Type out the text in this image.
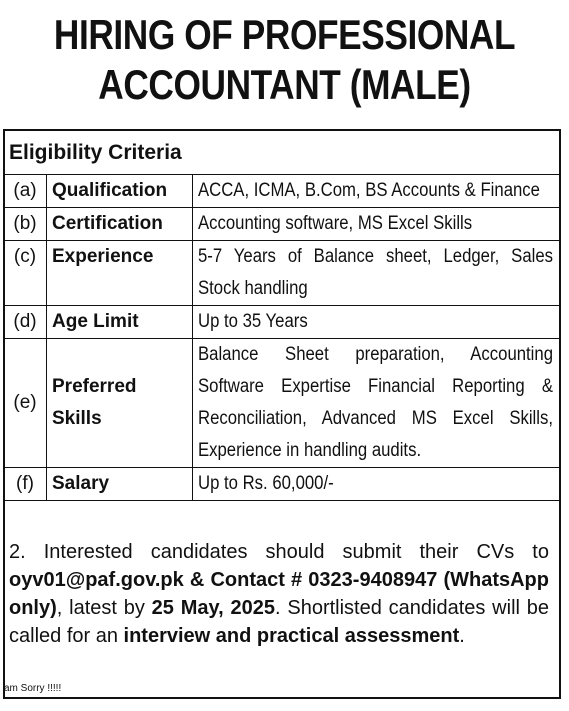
HIRING OF PROFESSIONAL
ACCOUNTANT (MALE)
Eligibility Criteria
(a)	Qualification	ACCA, ICMA, B.Com, BS Accounts & Finance

(b)	Certification	Accounting software, MS Excel Skills

(c)	Experience	5-7 Years of Balance sheet, Ledger, Sales Stock handling

(d)	Age Limit	Up to 35 Years

(e)	Preferred Skills	Balance Sheet preparation, Accounting Software Expertise Financial Reporting & Reconciliation, Advanced MS Excel Skills, Experience in handling audits.

(f)	Salary	Up to Rs. 60,000/-
2. Interested candidates should submit their CVs to oyv01@paf.gov.pk & Contact # 0323-9408947 (WhatsApp only), latest by 25 May, 2025. Shortlisted candidates will be called for an interview and practical assessment.
am Sorry !!!!!
